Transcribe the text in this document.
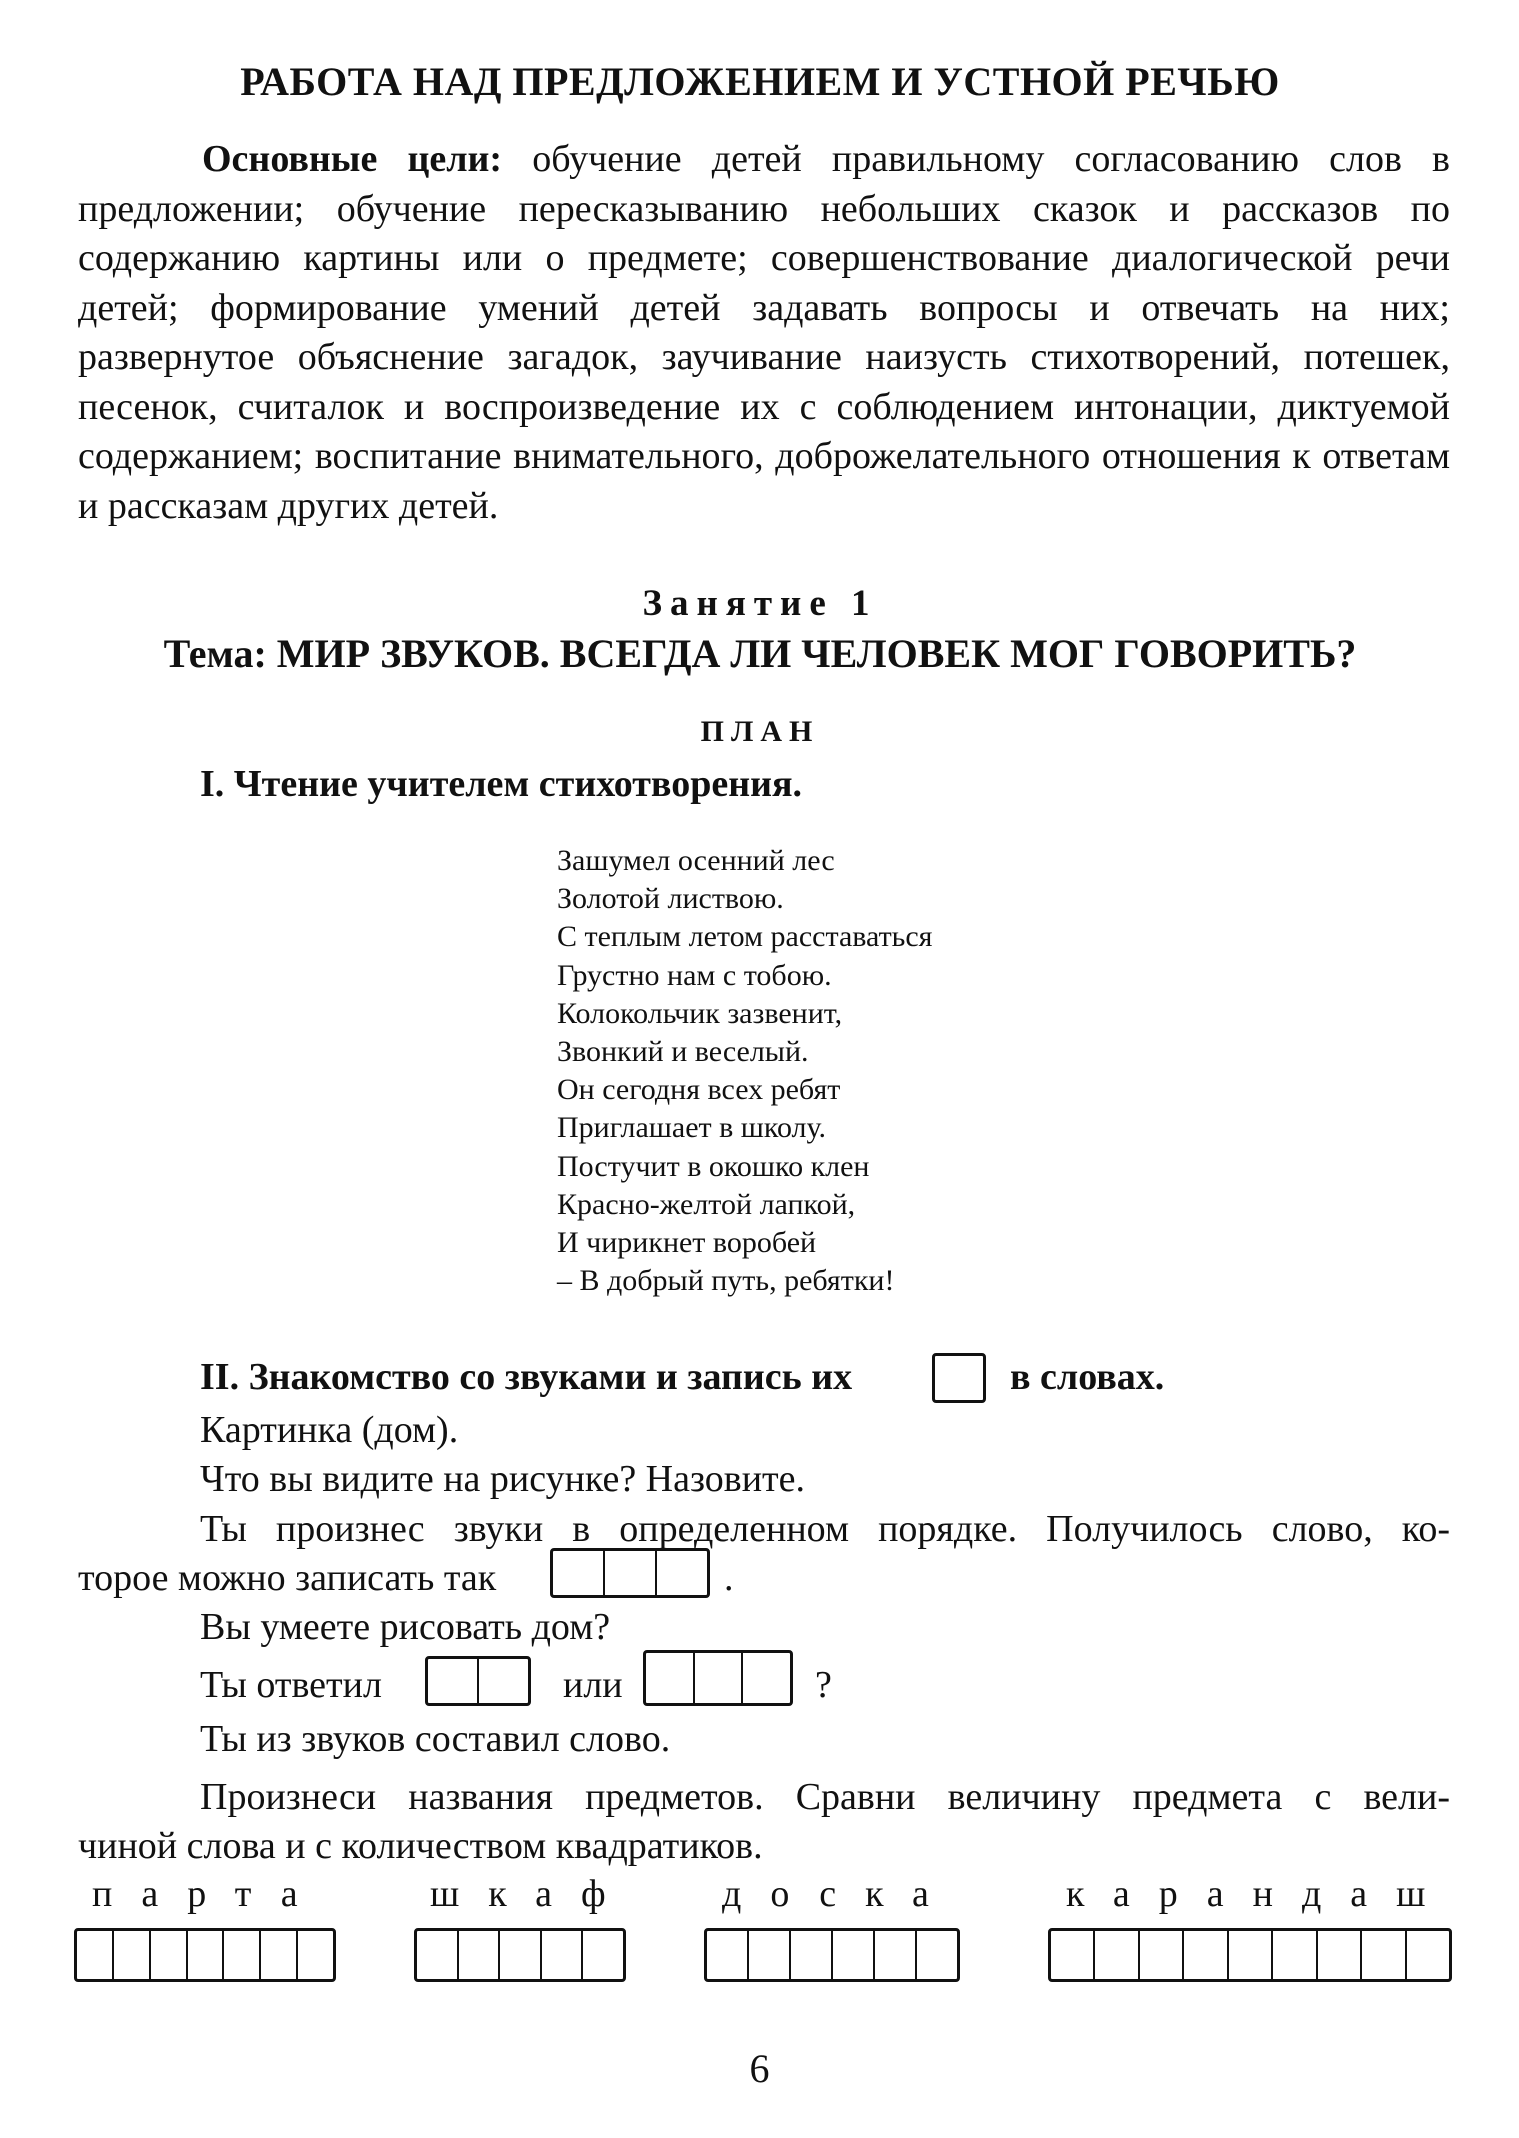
РАБОТА НАД ПРЕДЛОЖЕНИЕМ И УСТНОЙ РЕЧЬЮ
Основные цели: обучение детей правильному согласованию слов в предложении; обучение пересказыванию небольших сказок и рассказов по содержанию картины или о предмете; совершенствование диалогической речи детей; формирование умений детей задавать вопросы и отвечать на них; развернутое объяснение загадок, заучивание наизусть стихотворений, потешек, песенок, считалок и воспроизведение их с соблюдением интонации, диктуемой содержанием; воспитание внимательного, доброжелательного отношения к ответам и рассказам других детей.
Занятие 1
Тема: МИР ЗВУКОВ. ВСЕГДА ЛИ ЧЕЛОВЕК МОГ ГОВОРИТЬ?
ПЛАН
I. Чтение учителем стихотворения.
Зашумел осенний лес
Золотой листвою.
С теплым летом расставаться
Грустно нам с тобою.
Колокольчик зазвенит,
Звонкий и веселый.
Он сегодня всех ребят
Приглашает в школу.
Постучит в окошко клен
Красно-желтой лапкой,
И чирикнет воробей
– В добрый путь, ребятки!
II. Знакомство со звуками и запись их	в словах.
Картинка (дом).
Что вы видите на рисунке? Назовите.
Ты произнес звуки в определенном порядке. Получилось слово, ко-
торое можно записать так	.
Вы умеете рисовать дом?
Ты ответил	или	?
Ты из звуков составил слово.
Произнеси названия предметов. Сравни величину предмета с вели-
чиной слова и с количеством квадратиков.
парта	шкаф доска	карандаш
6
